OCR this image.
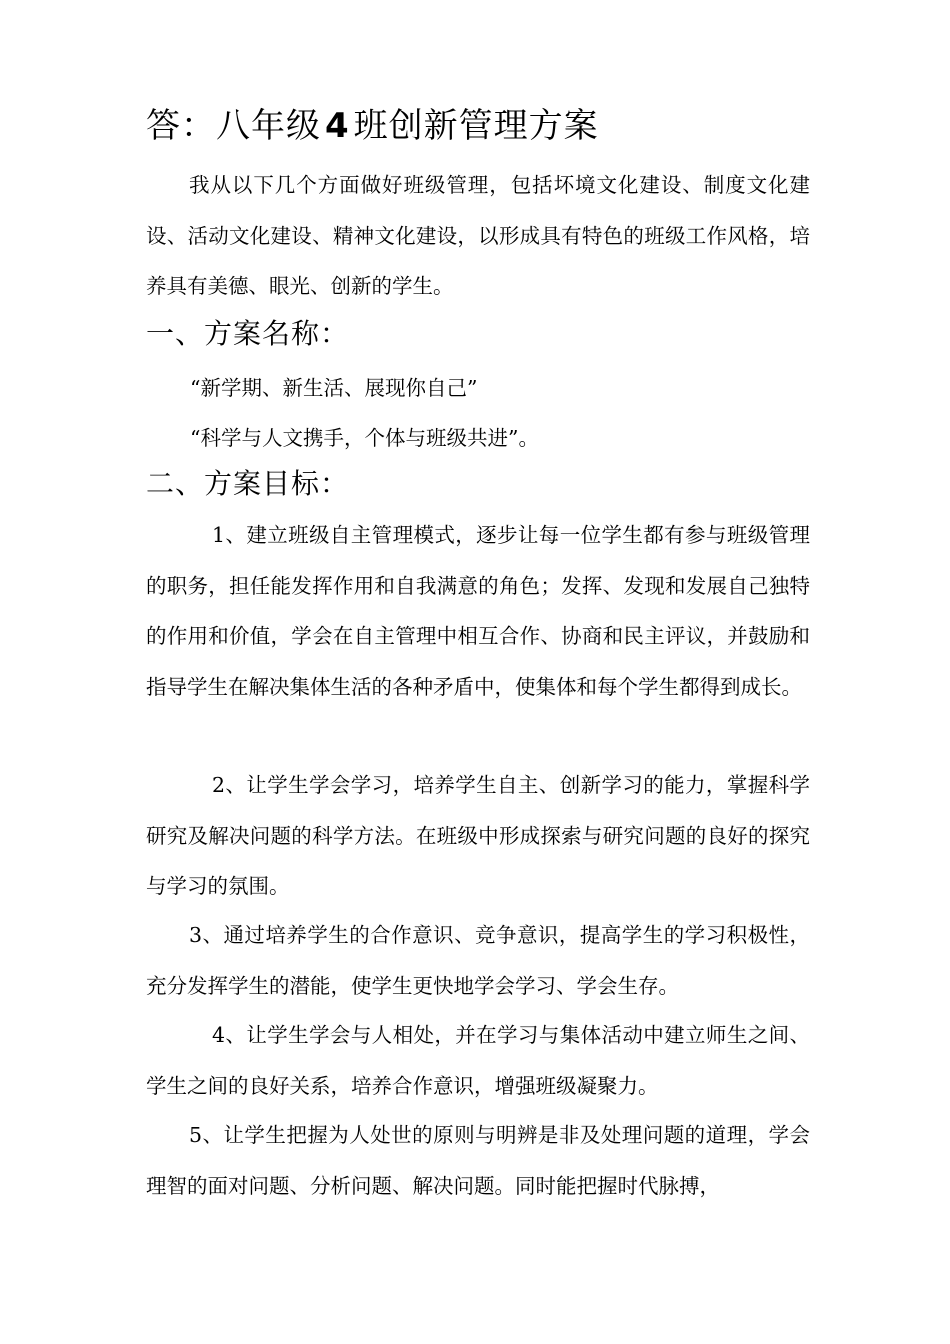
答：八年级 4 班创新管理方案
我从以下几个方面做好班级管理，包括坏境文化建设、制度文化建设、活动文化建设、精神文化建设，以形成具有特色的班级工作风格，培养具有美德、眼光、创新的学生。
一、方案名称：
“新学期、新生活、展现你自己”
“科学与人文携手，个体与班级共进”。
二、方案目标：
1、建立班级自主管理模式，逐步让每一位学生都有参与班级管理的职务，担任能发挥作用和自我满意的角色；发挥、发现和发展自己独特的作用和价值，学会在自主管理中相互合作、协商和民主评议，并鼓励和指导学生在解决集体生活的各种矛盾中，使集体和每个学生都得到成长。
2、让学生学会学习，培养学生自主、创新学习的能力，掌握科学研究及解决问题的科学方法。在班级中形成探索与研究问题的良好的探究与学习的氛围。
3、通过培养学生的合作意识、竞争意识，提高学生的学习积极性，充分发挥学生的潜能，使学生更快地学会学习、学会生存。
4、让学生学会与人相处，并在学习与集体活动中建立师生之间、学生之间的良好关系，培养合作意识，增强班级凝聚力。
5、让学生把握为人处世的原则与明辨是非及处理问题的道理，学会理智的面对问题、分析问题、解决问题。同时能把握时代脉搏，
